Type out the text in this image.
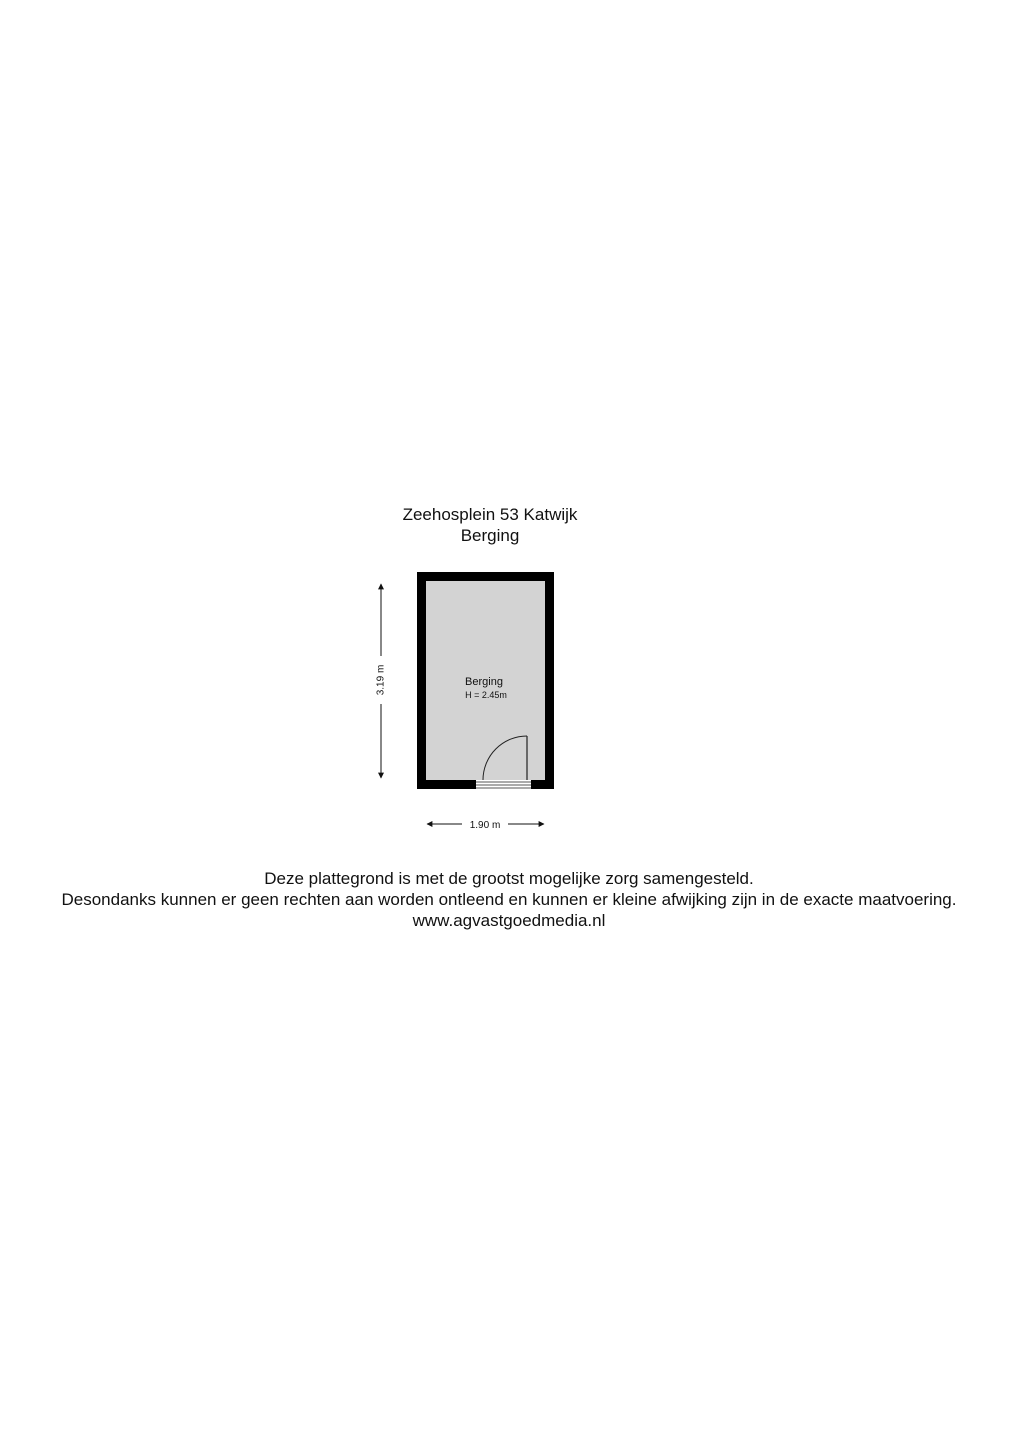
Zeehosplein 53 Katwijk
Berging
Berging
H = 2.45m
3.19 m
1.90 m
Deze plattegrond is met de grootst mogelijke zorg samengesteld.
Desondanks kunnen er geen rechten aan worden ontleend en kunnen er kleine afwijking zijn in de exacte maatvoering.
www.agvastgoedmedia.nl
